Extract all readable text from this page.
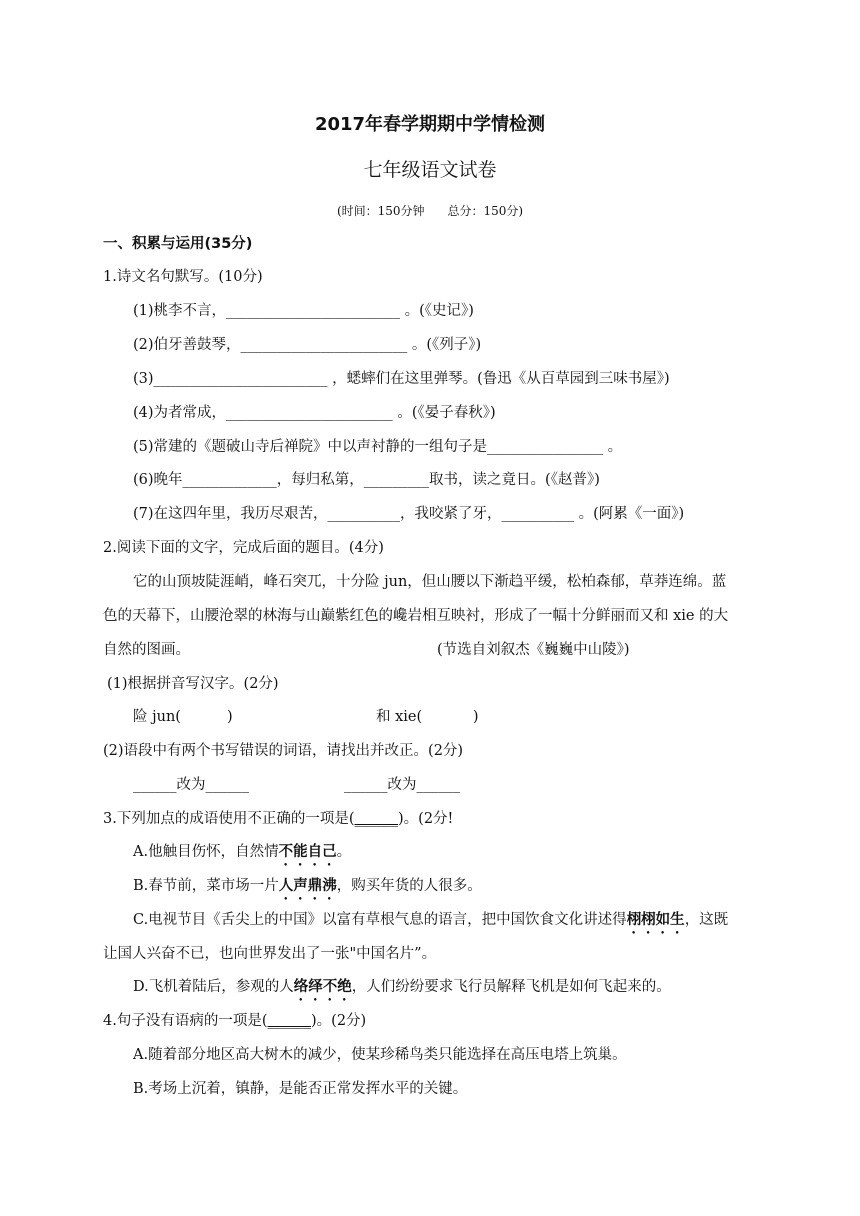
2017年春学期期中学情检测
七年级语文试卷
(时间：150分钟      总分：150分)
一、积累与运用(35分)
1.诗文名句默写。(10分)
(1)桃李不言，________________________ 。(《史记》)
(2)伯牙善鼓琴，_______________________ 。(《列子》)
(3)________________________ ，蟋蟀们在这里弹琴。(鲁迅《从百草园到三味书屋》)
(4)为者常成，_______________________ 。(《晏子春秋》)
(5)常建的《题破山寺后禅院》中以声衬静的一组句子是________________ 。
(6)晚年_____________，每归私第，_________取书，读之竟日。(《赵普》)
(7)在这四年里，我历尽艰苦，__________，我咬紧了牙，__________ 。(阿累《一面》)
2.阅读下面的文字，完成后面的题目。(4分)
它的山顶坡陡涯峭，峰石突兀，十分险 jun，但山腰以下渐趋平缓，松柏森郁，草莽连绵。蓝
色的天幕下，山腰沧翠的林海与山巅紫红色的巉岩相互映衬，形成了一幅十分鲜丽而又和 xie 的大
自然的图画。	(节选自刘叙杰《巍巍中山陵》)
(1)根据拼音写汉字。(2分)
险 jun(          )	和 xie(           )
(2)语段中有两个书写错误的词语，请找出并改正。(2分)
______改为______	______改为______
3.下列加点的成语使用不正确的一项是(______)。(2分!
A.他触目伤怀，自然情不能自己。
B.春节前，菜市场一片人声鼎沸，购买年货的人很多。
C.电视节目《舌尖上的中国》以富有草根气息的语言，把中国饮食文化讲述得栩栩如生，这既
让国人兴奋不已，也向世界发出了一张"中国名片”。
D.飞机着陆后，参观的人络绎不绝，人们纷纷要求飞行员解释飞机是如何飞起来的。
4.句子没有语病的一项是(______)。(2分)
A.随着部分地区高大树木的减少，使某珍稀鸟类只能选择在高压电塔上筑巢。
B.考场上沉着，镇静，是能否正常发挥水平的关键。
